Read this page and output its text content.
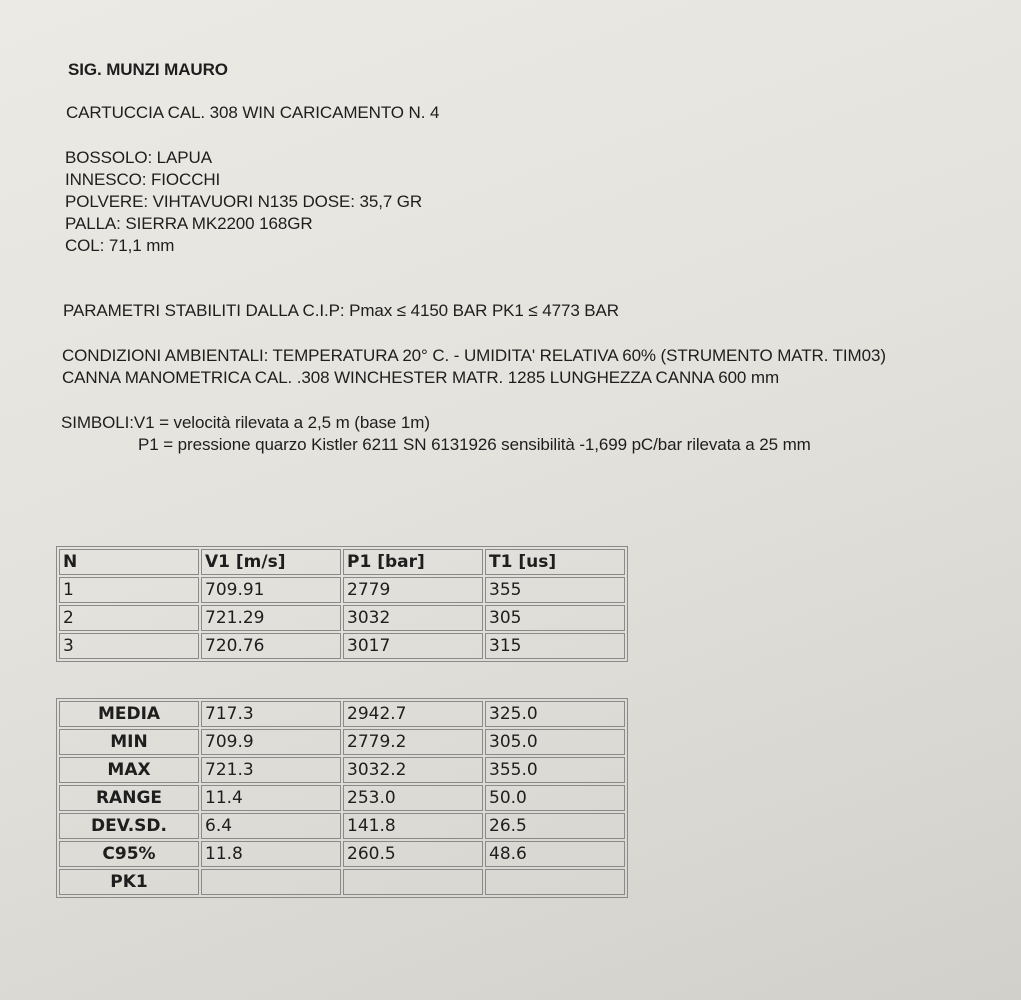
SIG. MUNZI MAURO
CARTUCCIA CAL. 308 WIN CARICAMENTO N. 4
BOSSOLO: LAPUA
INNESCO: FIOCCHI
POLVERE: VIHTAVUORI N135 DOSE: 35,7 GR
PALLA: SIERRA MK2200 168GR
COL: 71,1 mm
PARAMETRI STABILITI DALLA C.I.P: Pmax ≤ 4150 BAR PK1 ≤ 4773 BAR
CONDIZIONI AMBIENTALI: TEMPERATURA 20° C. - UMIDITA' RELATIVA 60% (STRUMENTO MATR. TIM03)
CANNA MANOMETRICA CAL. .308 WINCHESTER MATR. 1285 LUNGHEZZA CANNA 600 mm
SIMBOLI:V1 = velocità rilevata a 2,5 m (base 1m)
P1 = pressione quarzo Kistler 6211 SN 6131926 sensibilità -1,699 pC/bar rilevata a 25 mm
N	V1 [m/s]	P1 [bar]	T1 [us]
1	709.91	2779	355
2	721.29	3032	305
3	720.76	3017	315
MEDIA	717.3	2942.7	325.0
MIN	709.9	2779.2	305.0
MAX	721.3	3032.2	355.0
RANGE	11.4	253.0	50.0
DEV.SD.	6.4	141.8	26.5
C95%	11.8	260.5	48.6
PK1			
